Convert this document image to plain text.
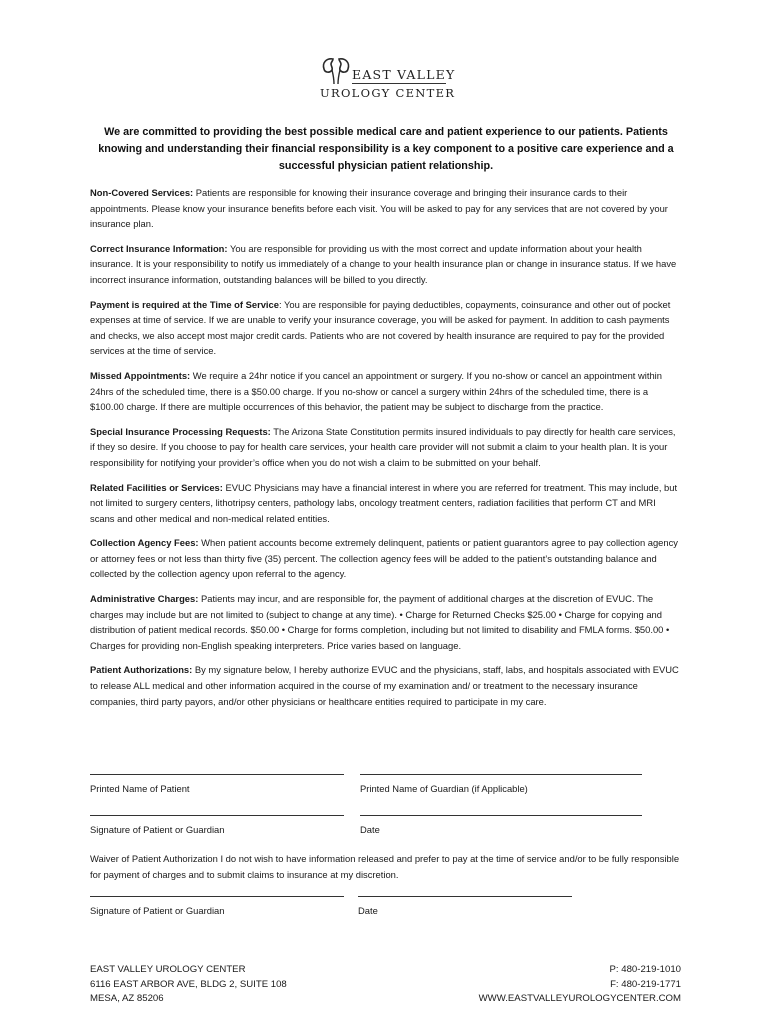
EAST VALLEY
UROLOGY CENTER
We are committed to providing the best possible medical care and patient experience to our patients. Patients knowing and understanding their financial responsibility is a key component to a positive care experience and a successful physician patient relationship.

Non-Covered Services: Patients are responsible for knowing their insurance coverage and bringing their insurance cards to their appointments. Please know your insurance benefits before each visit. You will be asked to pay for any services that are not covered by your insurance plan.

Correct Insurance Information: You are responsible for providing us with the most correct and update information about your health insurance. It is your responsibility to notify us immediately of a change to your health insurance plan or change in insurance status. If we have incorrect insurance information, outstanding balances will be billed to you directly.

Payment is required at the Time of Service: You are responsible for paying deductibles, copayments, coinsurance and other out of pocket expenses at time of service. If we are unable to verify your insurance coverage, you will be asked for payment. In addition to cash payments and checks, we also accept most major credit cards. Patients who are not covered by health insurance are required to pay for the provided services at the time of service.

Missed Appointments: We require a 24hr notice if you cancel an appointment or surgery. If you no-show or cancel an appointment within 24hrs of the scheduled time, there is a $50.00 charge. If you no-show or cancel a surgery within 24hrs of the scheduled time, there is a $100.00 charge. If there are multiple occurrences of this behavior, the patient may be subject to discharge from the practice.

Special Insurance Processing Requests: The Arizona State Constitution permits insured individuals to pay directly for health care services, if they so desire. If you choose to pay for health care services, your health care provider will not submit a claim to your health plan. It is your responsibility for notifying your provider’s office when you do not wish a claim to be submitted on your behalf.

Related Facilities or Services: EVUC Physicians may have a financial interest in where you are referred for treatment. This may include, but not limited to surgery centers, lithotripsy centers, pathology labs, oncology treatment centers, radiation facilities that perform CT and MRI scans and other medical and non-medical related entities.

Collection Agency Fees: When patient accounts become extremely delinquent, patients or patient guarantors agree to pay collection agency or attorney fees or not less than thirty five (35) percent. The collection agency fees will be added to the patient’s outstanding balance and collected by the collection agency upon referral to the agency.

Administrative Charges: Patients may incur, and are responsible for, the payment of additional charges at the discretion of EVUC. The charges may include but are not limited to (subject to change at any time). • Charge for Returned Checks $25.00 • Charge for copying and distribution of patient medical records. $50.00 • Charge for forms completion, including but not limited to disability and FMLA forms. $50.00 • Charges for providing non-English speaking interpreters. Price varies based on language.

Patient Authorizations: By my signature below, I hereby authorize EVUC and the physicians, staff, labs, and hospitals associated with EVUC to release ALL medical and other information acquired in the course of my examination and/ or treatment to the necessary insurance companies, third party payors, and/or other physicians or healthcare entities required to participate in my care.

Printed Name of Patient	Printed Name of Guardian (if Applicable)
Signature of Patient or Guardian	Date
Waiver of Patient Authorization I do not wish to have information released and prefer to pay at the time of service and/or to be fully responsible for payment of charges and to submit claims to insurance at my discretion.
Signature of Patient or Guardian	Date
EAST VALLEY UROLOGY CENTER
6116 EAST ARBOR AVE, BLDG 2, SUITE 108
MESA, AZ 85206
P: 480-219-1010
F: 480-219-1771
WWW.EASTVALLEYUROLOGYCENTER.COM
